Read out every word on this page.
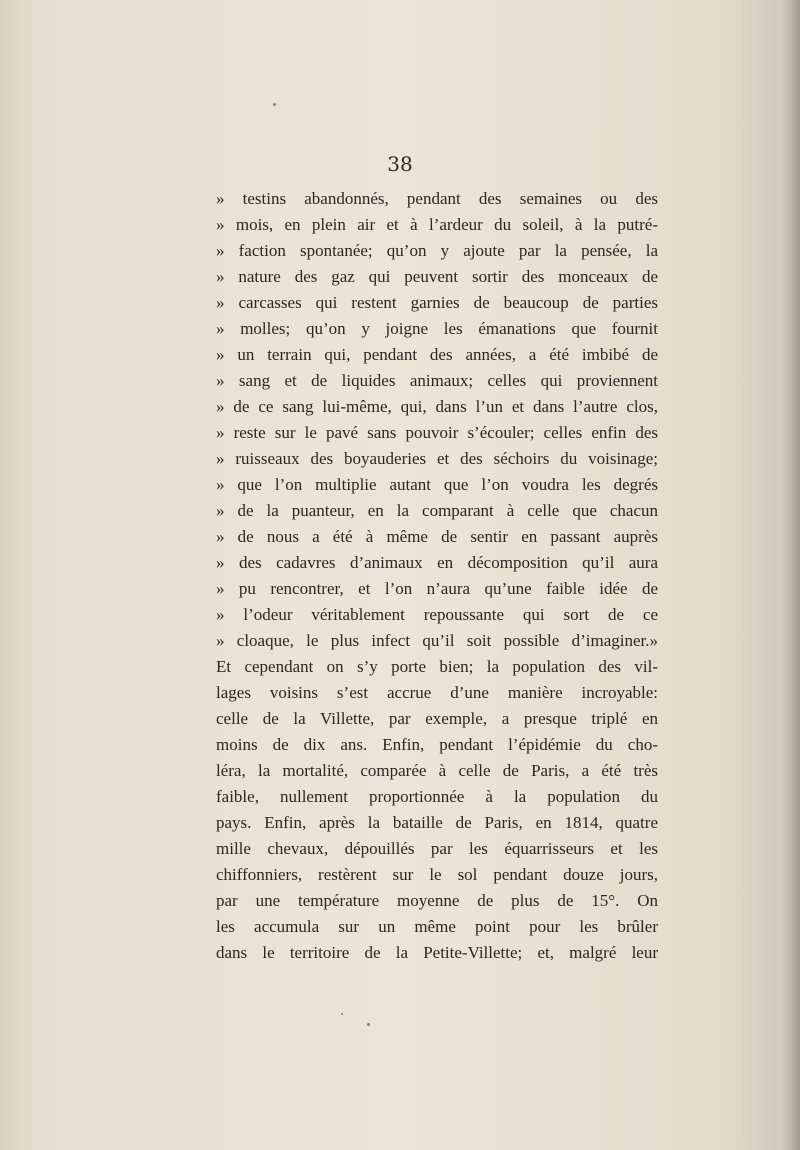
38
» testins abandonnés, pendant des semaines ou des
» mois, en plein air et à l’ardeur du soleil, à la putré-
» faction spontanée; qu’on y ajoute par la pensée, la
» nature des gaz qui peuvent sortir des monceaux de
» carcasses qui restent garnies de beaucoup de parties
» molles; qu’on y joigne les émanations que fournit
» un terrain qui, pendant des années, a été imbibé de
» sang et de liquides animaux; celles qui proviennent
» de ce sang lui-même, qui, dans l’un et dans l’autre clos,
» reste sur le pavé sans pouvoir s’écouler; celles enfin des
» ruisseaux des boyauderies et des séchoirs du voisinage;
» que l’on multiplie autant que l’on voudra les degrés
» de la puanteur, en la comparant à celle que chacun
» de nous a été à même de sentir en passant auprès
» des cadavres d’animaux en décomposition qu’il aura
» pu rencontrer, et l’on n’aura qu’une faible idée de
» l’odeur véritablement repoussante qui sort de ce
» cloaque, le plus infect qu’il soit possible d’imaginer.»
Et cependant on s’y porte bien; la population des vil-
lages voisins s’est accrue d’une manière incroyable:
celle de la Villette, par exemple, a presque triplé en
moins de dix ans. Enfin, pendant l’épidémie du cho-
léra, la mortalité, comparée à celle de Paris, a été très
faible, nullement proportionnée à la population du
pays. Enfin, après la bataille de Paris, en 1814, quatre
mille chevaux, dépouillés par les équarrisseurs et les
chiffonniers, restèrent sur le sol pendant douze jours,
par une température moyenne de plus de 15°. On
les accumula sur un même point pour les brûler
dans le territoire de la Petite-Villette; et, malgré leur
